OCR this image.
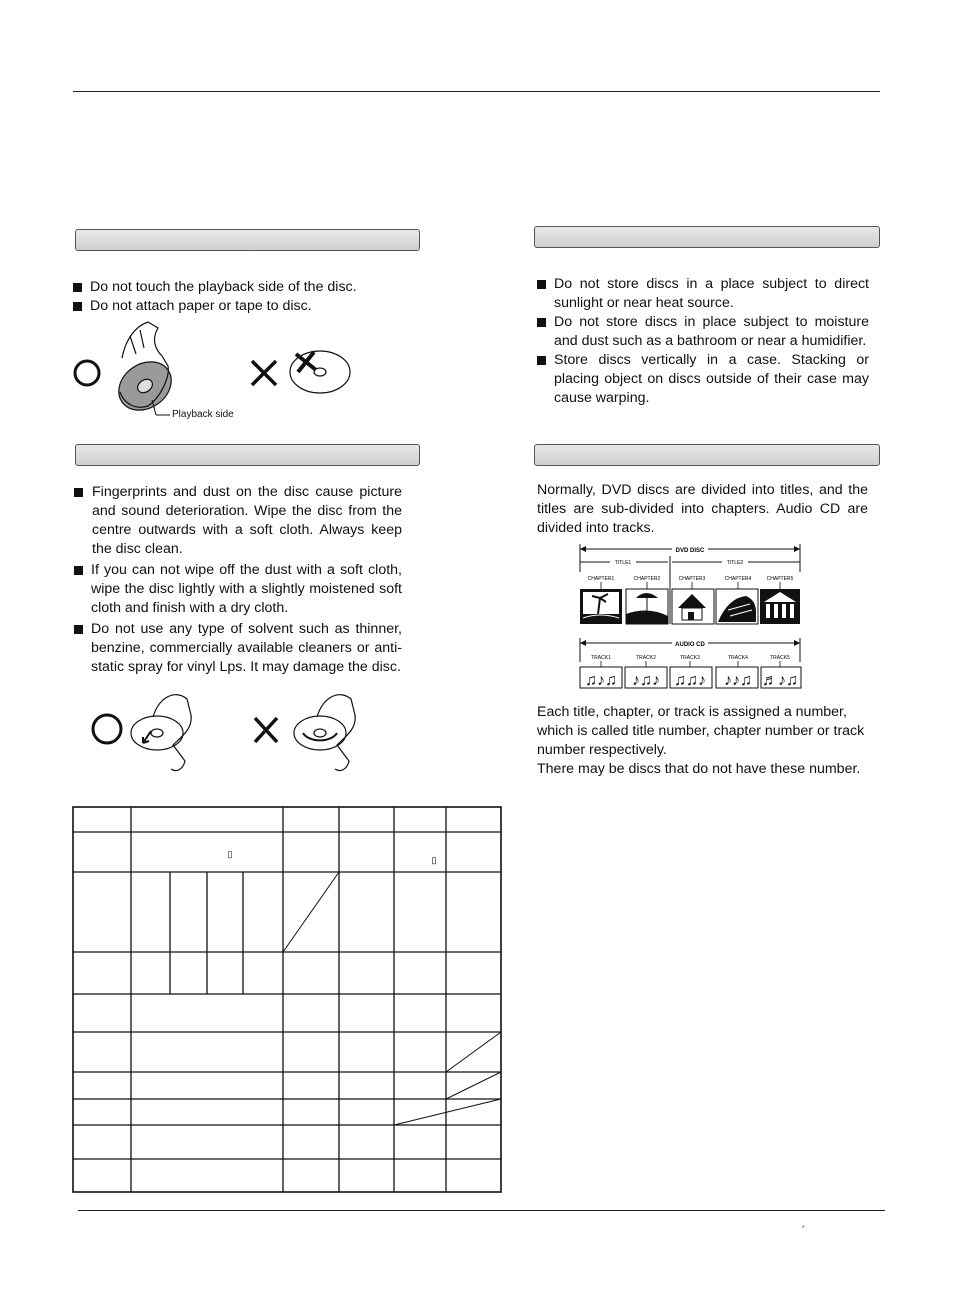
Do not touch the playback side of the disc.
Do not attach paper or tape to disc.
Playback side
Do not store discs in a place subject to direct sunlight or near heat source.
Do not store discs in place subject to moisture and dust such as a bathroom or near a humidifier.
Store discs vertically in a case. Stacking or placing object on discs outside of their case may cause warping.
Fingerprints and dust on the disc cause picture and sound deterioration. Wipe the disc from the centre outwards with a soft cloth. Always keep the disc clean.
If you can not wipe off the dust with a soft cloth, wipe the disc lightly with a slightly moistened soft cloth and finish with a dry cloth.
Do not use any type of solvent such as thinner, benzine, commercially available cleaners or anti-static spray for vinyl Lps. It may damage the disc.
Normally, DVD discs are divided into titles, and the titles are sub-divided into chapters. Audio CD are divided into tracks.
DVD DISC
TITLE1	TITLE2
CHAPTER1	CHAPTER2	CHAPTER3	CHAPTER4	CHAPTER5
AUDIO CD
TRACK1	TRACK2	TRACK3	TRACK4	TRACK5
♫♪♫ ♪♫♪ ♫♫♪ ♪♪♫ ♬♪♫
Each title, chapter, or track is assigned a number,
which is called title number, chapter number or track
number respectively.
There may be discs that do not have these number.
▯
▯
ˏ
